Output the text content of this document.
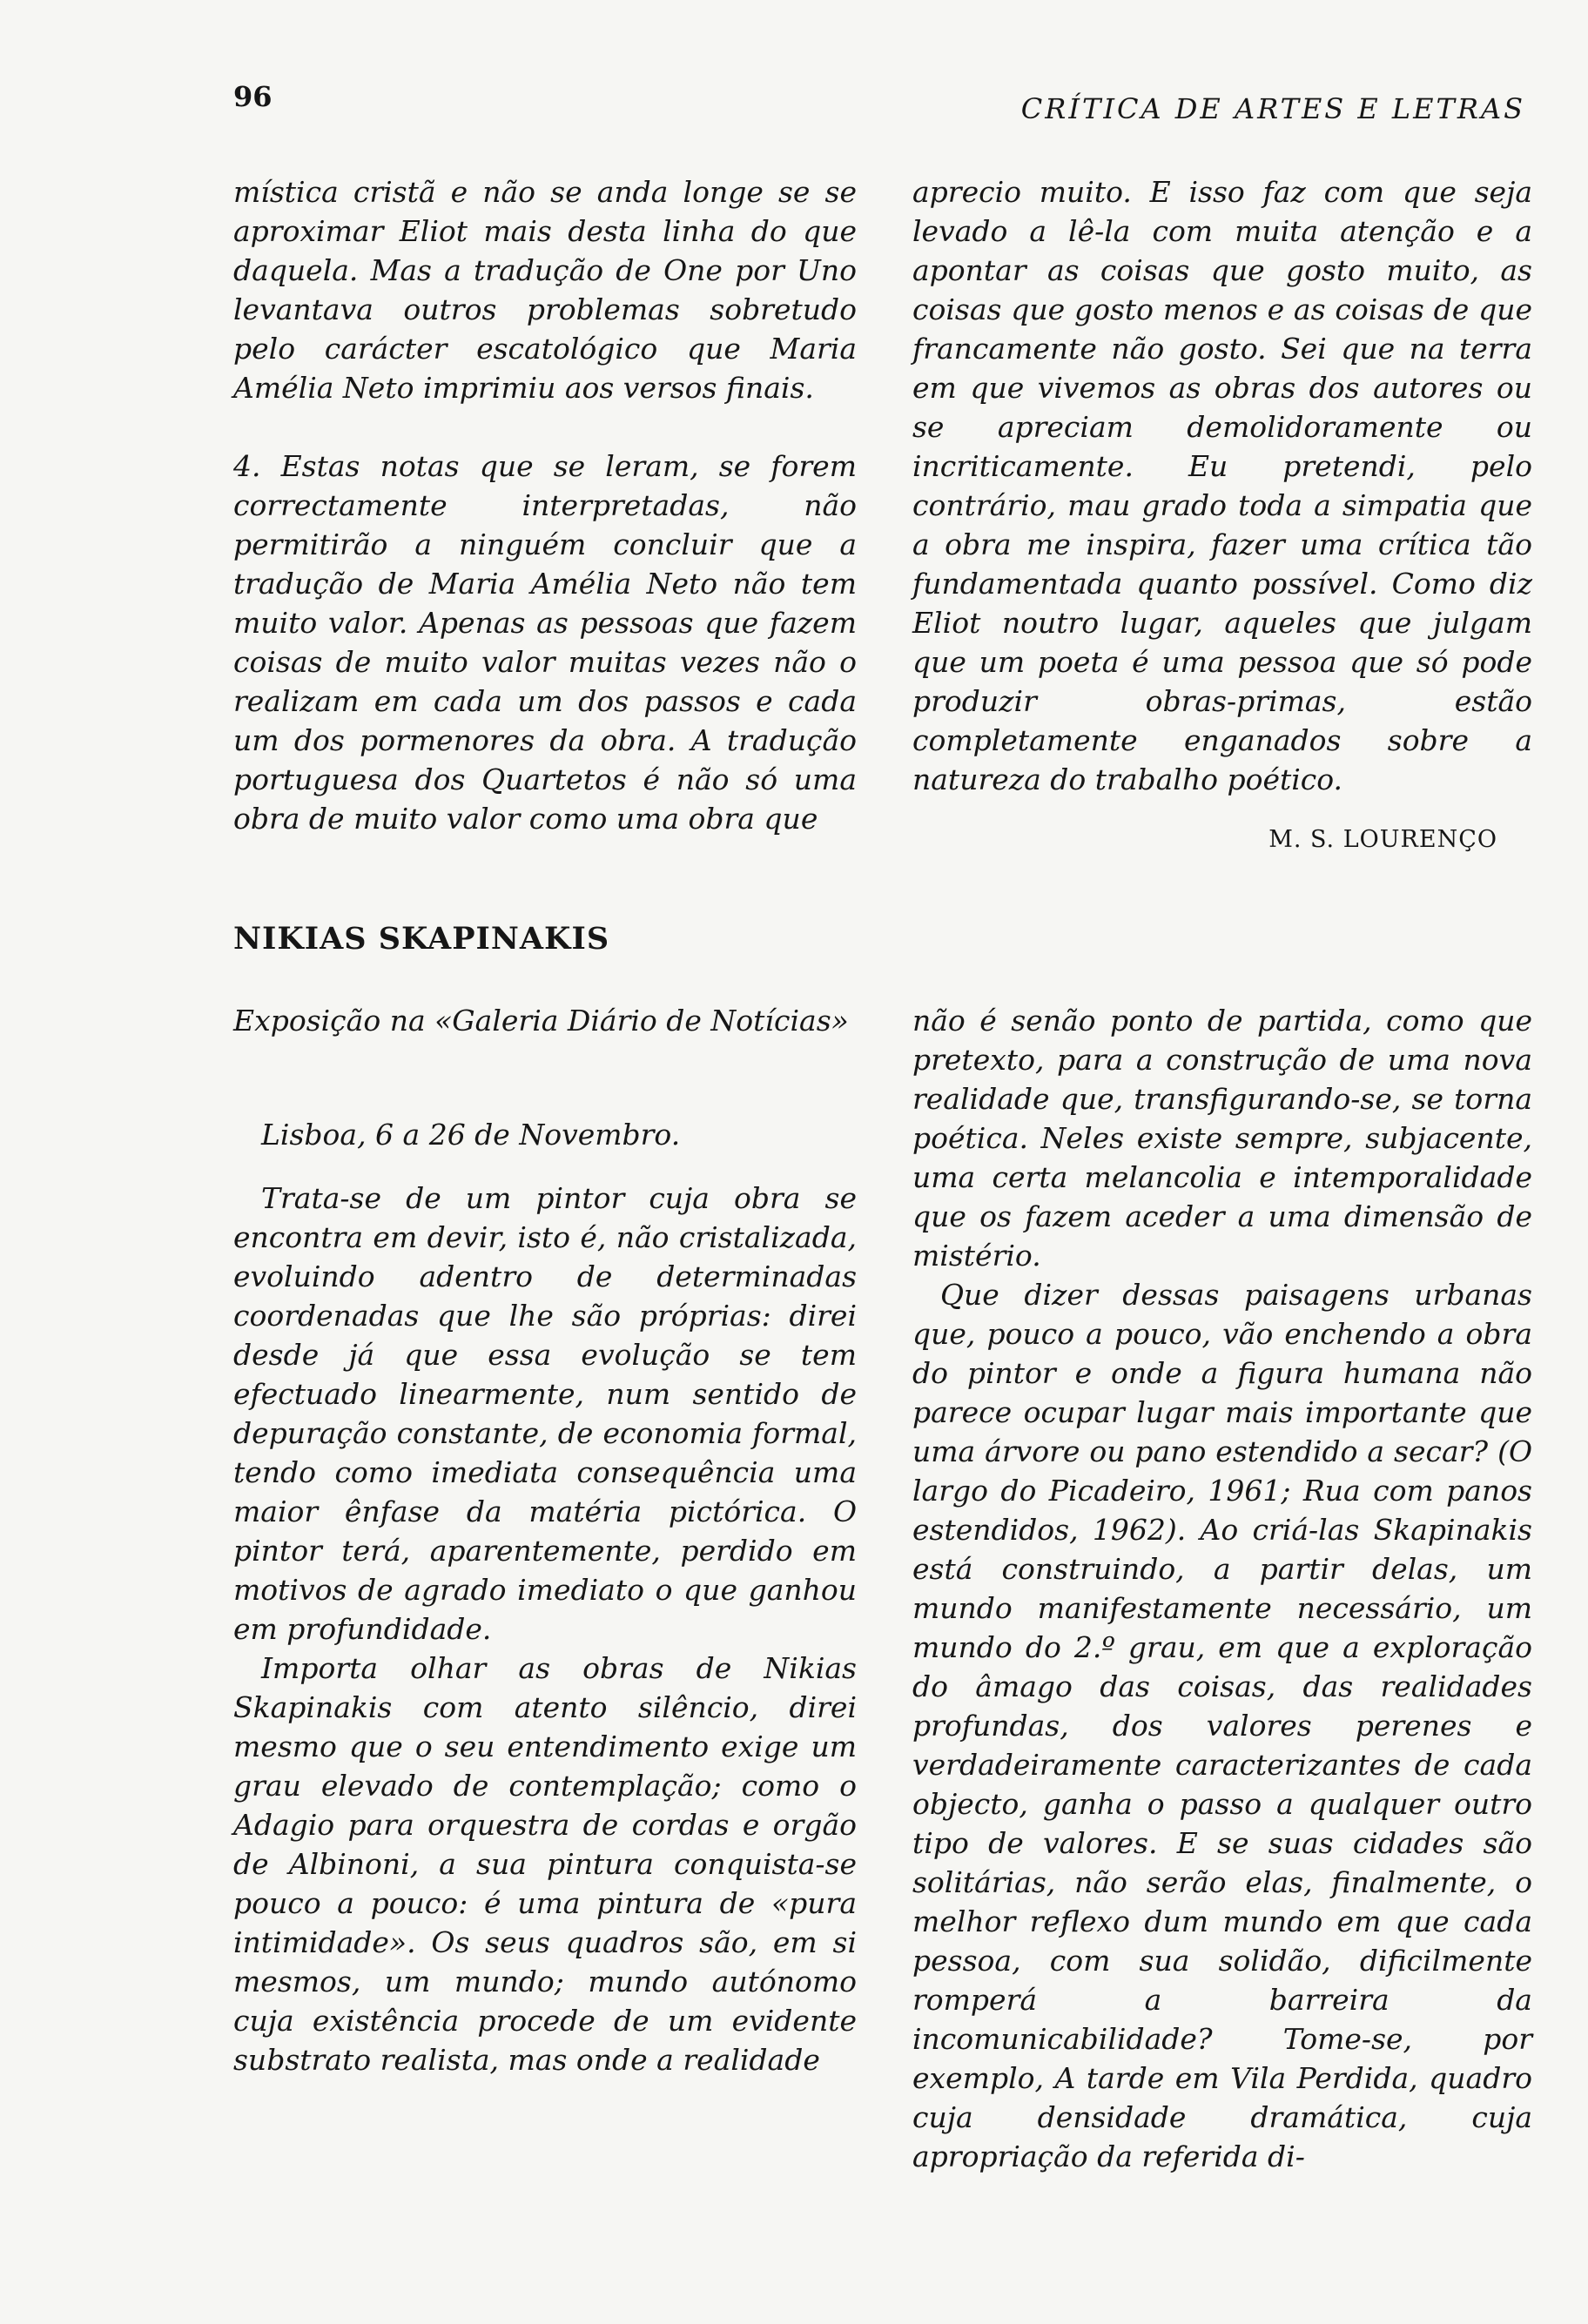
96	CRÍTICA DE ARTES E LETRAS

mística cristã e não se anda longe se se aproximar Eliot mais desta linha do que daquela. Mas a tradução de One por Uno levantava outros problemas sobretudo pelo carácter escatológico que Maria Amélia Neto imprimiu aos versos finais.

4. Estas notas que se leram, se forem correctamente interpretadas, não permitirão a ninguém concluir que a tradução de Maria Amélia Neto não tem muito valor. Apenas as pessoas que fazem coisas de muito valor muitas vezes não o realizam em cada um dos passos e cada um dos pormenores da obra. A tradução portuguesa dos Quartetos é não só uma obra de muito valor como uma obra que

aprecio muito. E isso faz com que seja levado a lê-la com muita atenção e a apontar as coisas que gosto muito, as coisas que gosto menos e as coisas de que francamente não gosto. Sei que na terra em que vivemos as obras dos autores ou se apreciam demolidoramente ou incriticamente. Eu pretendi, pelo contrário, mau grado toda a simpatia que a obra me inspira, fazer uma crítica tão fundamentada quanto possível. Como diz Eliot noutro lugar, aqueles que julgam que um poeta é uma pessoa que só pode produzir obras-primas, estão completamente enganados sobre a natureza do trabalho poético.

M. S. LOURENÇO

NIKIAS SKAPINAKIS

Exposição na «Galeria Diário de Notícias»

Lisboa, 6 a 26 de Novembro.

Trata-se de um pintor cuja obra se encontra em devir, isto é, não cristalizada, evoluindo adentro de determinadas coordenadas que lhe são próprias: direi desde já que essa evolução se tem efectuado linearmente, num sentido de depuração constante, de economia formal, tendo como imediata consequência uma maior ênfase da matéria pictórica. O pintor terá, aparentemente, perdido em motivos de agrado imediato o que ganhou em profundidade.

Importa olhar as obras de Nikias Skapinakis com atento silêncio, direi mesmo que o seu entendimento exige um grau elevado de contemplação; como o Adagio para orquestra de cordas e orgão de Albinoni, a sua pintura conquista-se pouco a pouco: é uma pintura de «pura intimidade». Os seus quadros são, em si mesmos, um mundo; mundo autónomo cuja existência procede de um evidente substrato realista, mas onde a realidade

não é senão ponto de partida, como que pretexto, para a construção de uma nova realidade que, transfigurando-se, se torna poética. Neles existe sempre, subjacente, uma certa melancolia e intemporalidade que os fazem aceder a uma dimensão de mistério.

Que dizer dessas paisagens urbanas que, pouco a pouco, vão enchendo a obra do pintor e onde a figura humana não parece ocupar lugar mais importante que uma árvore ou pano estendido a secar? (O largo do Picadeiro, 1961; Rua com panos estendidos, 1962). Ao criá-las Skapinakis está construindo, a partir delas, um mundo manifestamente necessário, um mundo do 2.º grau, em que a exploração do âmago das coisas, das realidades profundas, dos valores perenes e verdadeiramente caracterizantes de cada objecto, ganha o passo a qualquer outro tipo de valores. E se suas cidades são solitárias, não serão elas, finalmente, o melhor reflexo dum mundo em que cada pessoa, com sua solidão, dificilmente romperá a barreira da incomunicabilidade? Tome-se, por exemplo, A tarde em Vila Perdida, quadro cuja densidade dramática, cuja apropriação da referida di-
